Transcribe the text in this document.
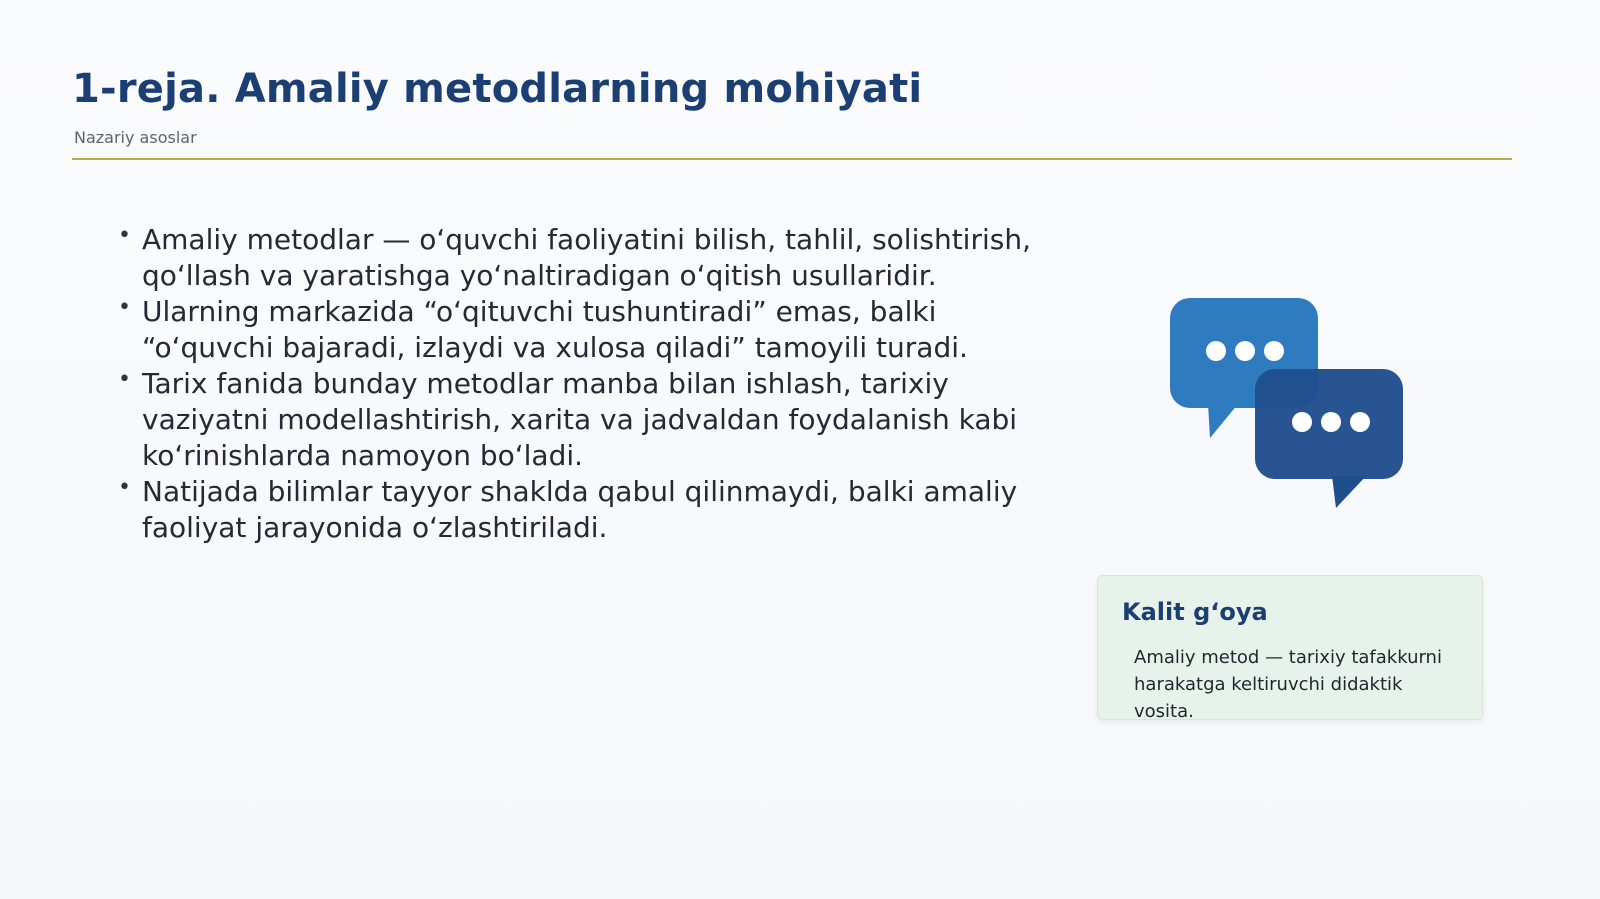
1-reja. Amaliy metodlarning mohiyati
Nazariy asoslar
• Amaliy metodlar — oʻquvchi faoliyatini bilish, tahlil, solishtirish, qoʻllash va yaratishga yoʻnaltiradigan oʻqitish usullaridir.
• Ularning markazida “oʻqituvchi tushuntiradi” emas, balki “oʻquvchi bajaradi, izlaydi va xulosa qiladi” tamoyili turadi.
• Tarix fanida bunday metodlar manba bilan ishlash, tarixiy vaziyatni modellashtirish, xarita va jadvaldan foydalanish kabi koʻrinishlarda namoyon boʻladi.
• Natijada bilimlar tayyor shaklda qabul qilinmaydi, balki amaliy faoliyat jarayonida oʻzlashtiriladi.
Kalit gʻoya
Amaliy metod — tarixiy tafakkurni harakatga keltiruvchi didaktik vosita.
